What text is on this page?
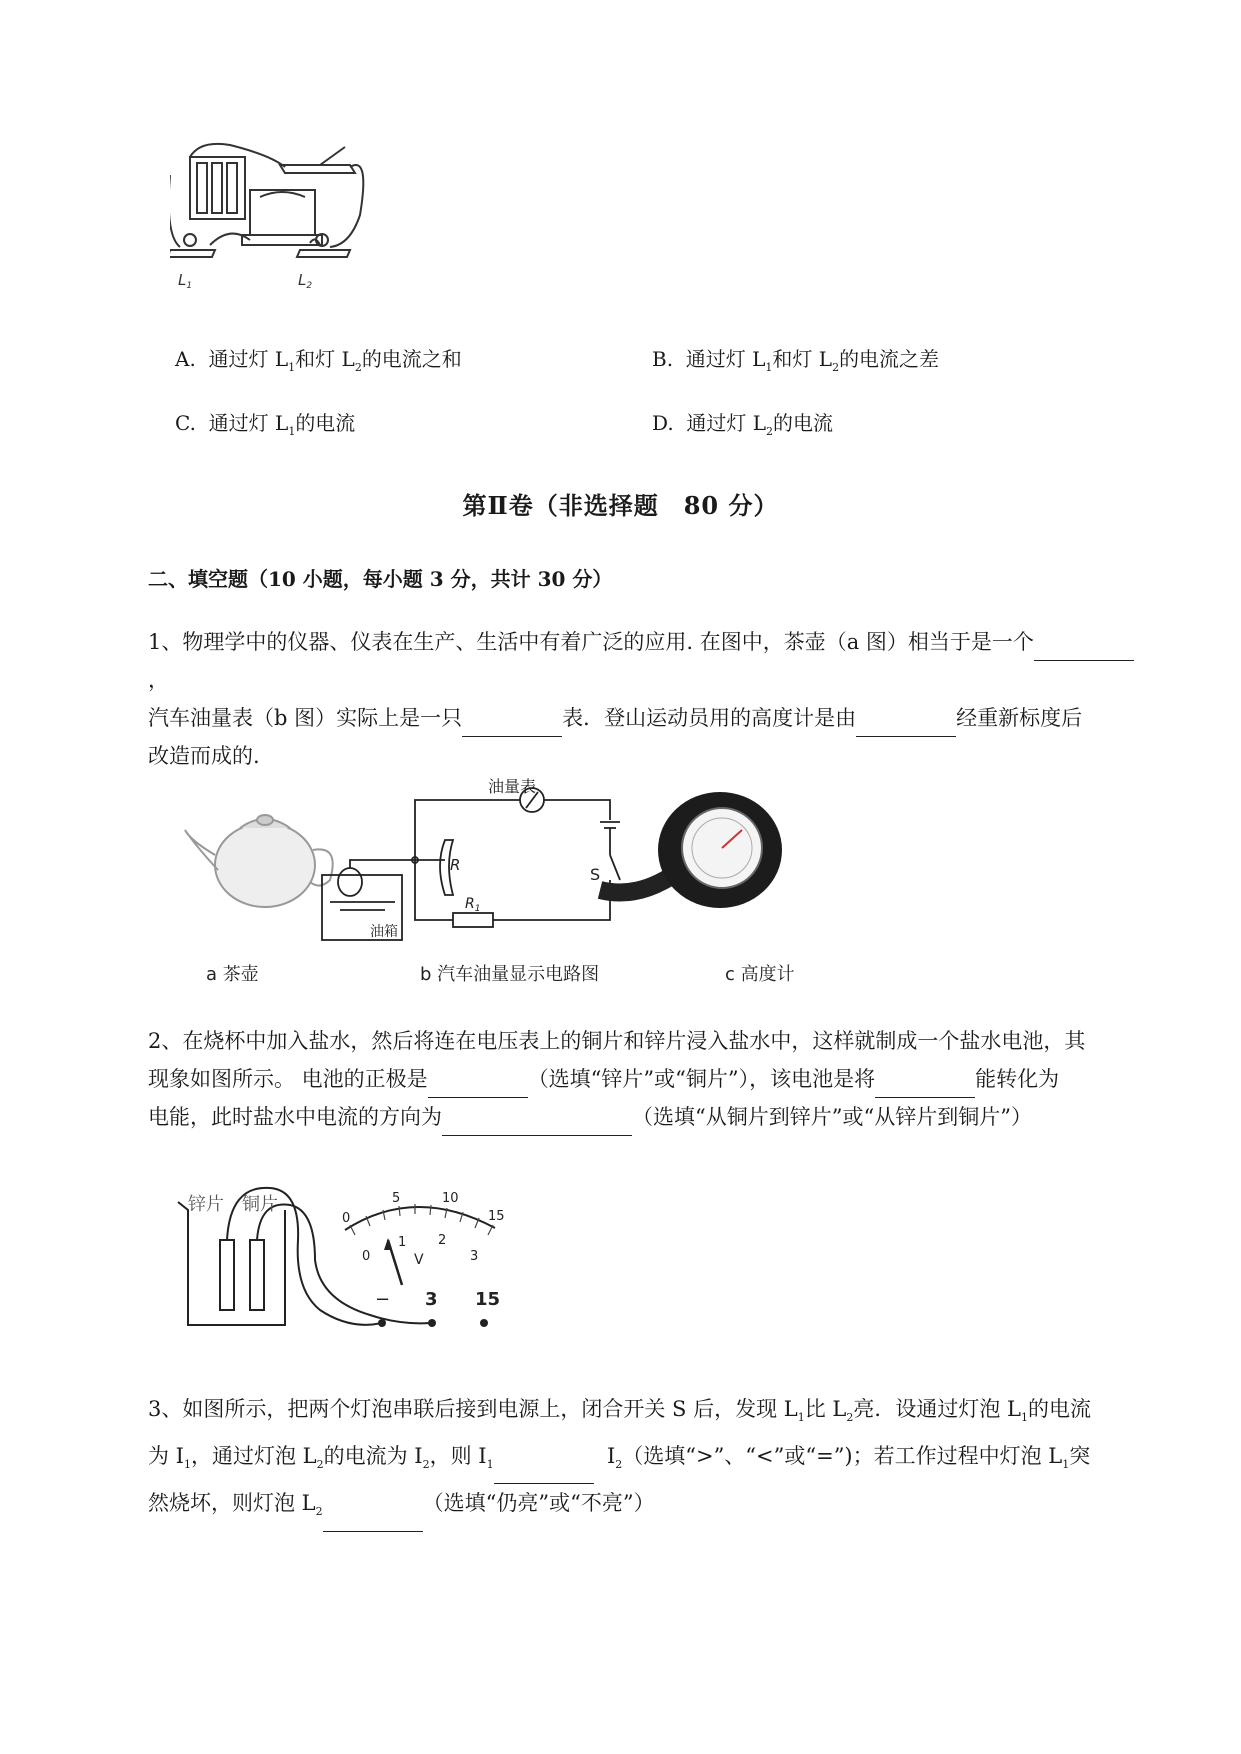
$L_1$	$L_2$
A. 通过灯 $L_1$和灯 $L_2$的电流之和	B. 通过灯 $L_1$和灯 $L_2$的电流之差
C. 通过灯 $L_1$的电流	D. 通过灯 $L_2$的电流
第Ⅱ卷（非选择题　80 分）
二、填空题（10 小题，每小题 3 分，共计 30 分）
1、物理学中的仪器、仪表在生产、生活中有着广泛的应用. 在图中，茶壶（a 图）相当于是一个，
汽车油量表（b 图）实际上是一只	表．登山运动员用的高度计是由	经重新标度后
改造而成的.
油量表
R
$R_1$
S
油箱
a 茶壶	b 汽车油量显示电路图	c 高度计
2、在烧杯中加入盐水，然后将连在电压表上的铜片和锌片浸入盐水中，这样就制成一个盐水电池，其
现象如图所示。 电池的正极是	（选填“锌片”或“铜片”），该电池是将	能转化为
电能，此时盐水中电流的方向为	（选填“从铜片到锌片”或“从锌片到铜片”）
锌片 铜片
0
5	10
15
0
1 2
3
V
− 3 15
3、如图所示，把两个灯泡串联后接到电源上，闭合开关 S 后，发现 $L_1$比 $L_2$亮．设通过灯泡 $L_1$的电流
为 $I_1$，通过灯泡 $L_2$的电流为 $I_2$，则 $I_1$	$I_2$（选填“>”、“<”或“=”)；若工作过程中灯泡 $L_1$突
然烧坏，则灯泡 $L_2$	（选填“仍亮”或“不亮”）
